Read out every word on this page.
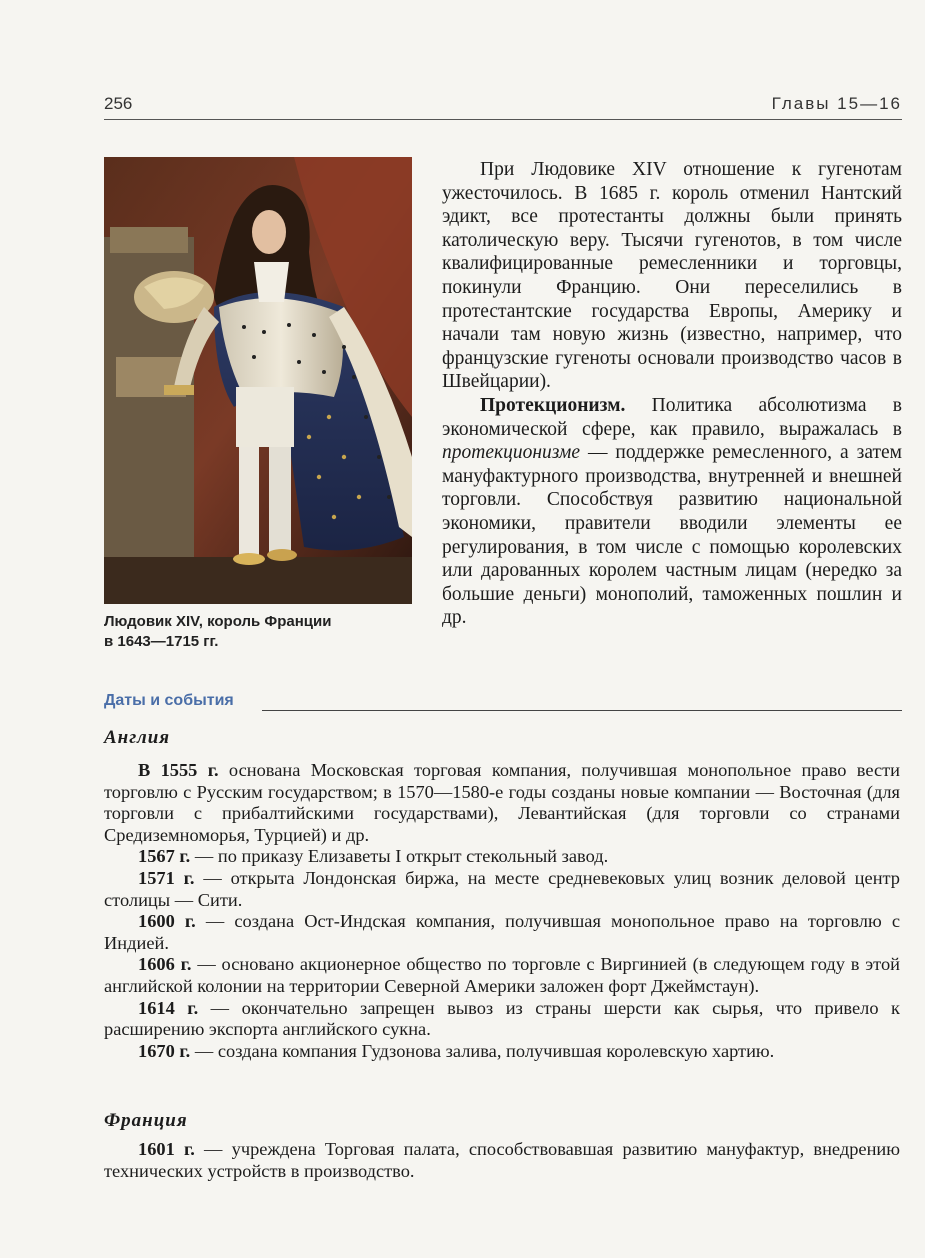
256	Главы 15—16
Людовик XIV, король Франции
в 1643—1715 гг.

При Людовике XIV отношение к гугенотам ужесточилось. В 1685 г. король отменил Нантский эдикт, все протестанты должны были принять католическую веру. Тысячи гугенотов, в том числе квалифицированные ремесленники и торговцы, покинули Францию. Они переселились в протестантские государства Европы, Америку и начали там новую жизнь (известно, например, что французские гугеноты основали производство часов в Швейцарии).

Протекционизм. Политика абсолютизма в экономической сфере, как правило, выражалась в протекционизме — поддержке ремесленного, а затем мануфактурного производства, внутренней и внешней торговли. Способствуя развитию национальной экономики, правители вводили элементы ее регулирования, в том числе с помощью королевских или дарованных королем частным лицам (нередко за большие деньги) монополий, таможенных пошлин и др.

Даты и события
Англия

В 1555 г. основана Московская торговая компания, получившая монопольное право вести торговлю с Русским государством; в 1570—1580-е годы созданы новые компании — Восточная (для торговли с прибалтийскими государствами), Левантийская (для торговли со странами Средиземноморья, Турцией) и др.

1567 г. — по приказу Елизаветы I открыт стекольный завод.

1571 г. — открыта Лондонская биржа, на месте средневековых улиц возник деловой центр столицы — Сити.

1600 г. — создана Ост-Индская компания, получившая монопольное право на торговлю с Индией.

1606 г. — основано акционерное общество по торговле с Виргинией (в следующем году в этой английской колонии на территории Северной Америки заложен форт Джеймстаун).

1614 г. — окончательно запрещен вывоз из страны шерсти как сырья, что привело к расширению экспорта английского сукна.

1670 г. — создана компания Гудзонова залива, получившая королевскую хартию.

Франция

1601 г. — учреждена Торговая палата, способствовавшая развитию мануфактур, внедрению технических устройств в производство.
